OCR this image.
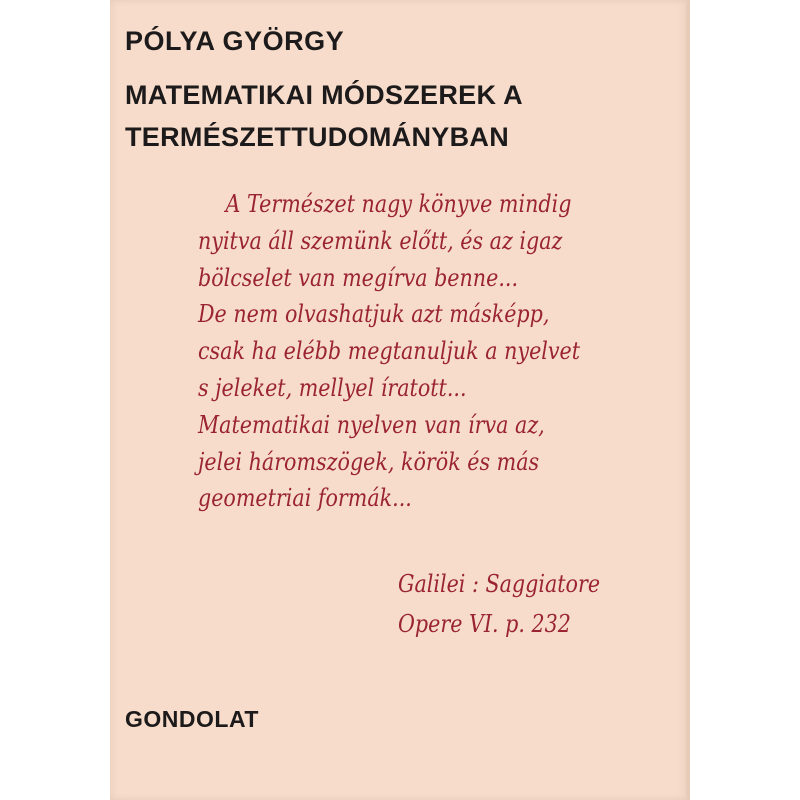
PÓLYA GYÖRGY
MATEMATIKAI MÓDSZEREK A
TERMÉSZETTUDOMÁNYBAN
A Természet nagy könyve mindig
nyitva áll szemünk előtt, és az igaz
bölcselet van megírva benne...
De nem olvashatjuk azt másképp,
csak ha elébb megtanuljuk a nyelvet
s jeleket, mellyel íratott...
Matematikai nyelven van írva az,
jelei háromszögek, körök és más
geometriai formák...
Galilei : Saggiatore
Opere VI. p. 232
GONDOLAT
